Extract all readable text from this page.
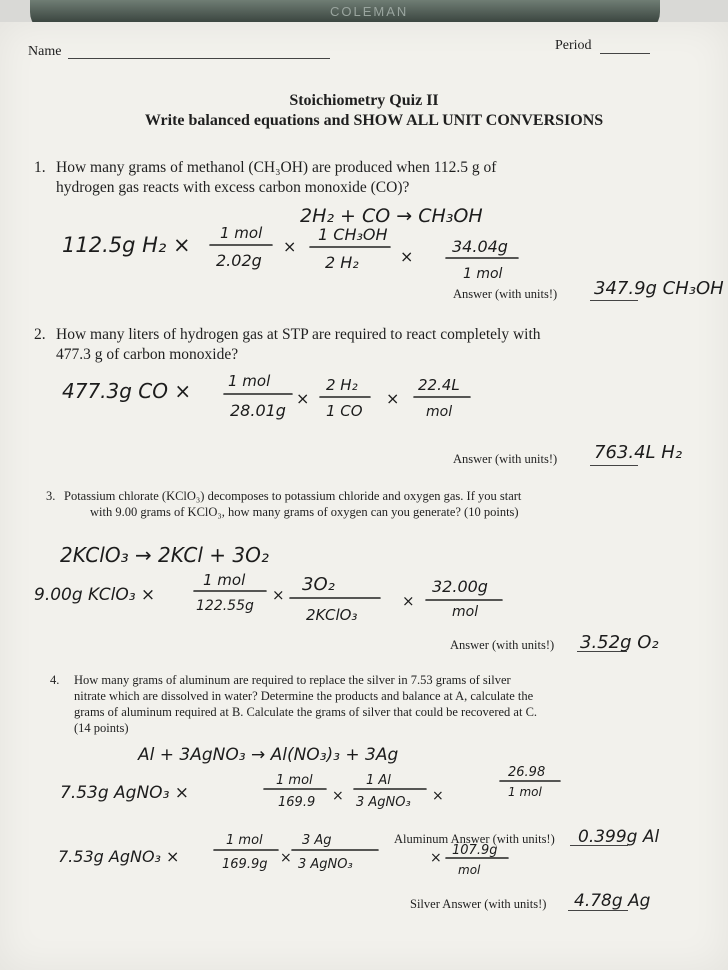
COLEMAN
Name	Period
Stoichiometry Quiz II
Write balanced equations and SHOW ALL UNIT CONVERSIONS
1. How many grams of methanol (CH₃OH) are produced when 112.5 g of
hydrogen gas reacts with excess carbon monoxide (CO)?
Answer (with units!)
2. How many liters of hydrogen gas at STP are required to react completely with
477.3 g of carbon monoxide?
Answer (with units!)
3. Potassium chlorate (KClO₃) decomposes to potassium chloride and oxygen gas. If you start
with 9.00 grams of KClO₃, how many grams of oxygen can you generate? (10 points)
Answer (with units!)
4. How many grams of aluminum are required to replace the silver in 7.53 grams of silver
nitrate which are dissolved in water? Determine the products and balance at A, calculate the
grams of aluminum required at B. Calculate the grams of silver that could be recovered at C.
(14 points)
Aluminum Answer (with units!)
Silver Answer (with units!)
2H₂ + CO → CH₃OH
112.5g H₂ × 1 mol
2.02g
×
1 CH₃OH
2 H₂	×
34.04g
1 mol
347.9g CH₃OH
477.3g CO × 1 mol
28.01g
×
2 H₂
1 CO
×
22.4L
mol
763.4L H₂
2KClO₃ → 2KCl + 3O₂
9.00g KClO₃ ×
1 mol
122.55g
× 3O₂
2KClO₃
×
32.00g
mol
3.52g O₂
Al + 3AgNO₃ → Al(NO₃)₃ + 3Ag
7.53g AgNO₃ ×
1 mol
169.9 ×
1 Al
3 AgNO₃ ×
26.98
1 mol
7.53g AgNO₃ ×
1 mol
169.9g ×
3 Ag
3 AgNO₃	× 107.9g
mol
0.399g Al
4.78g Ag
